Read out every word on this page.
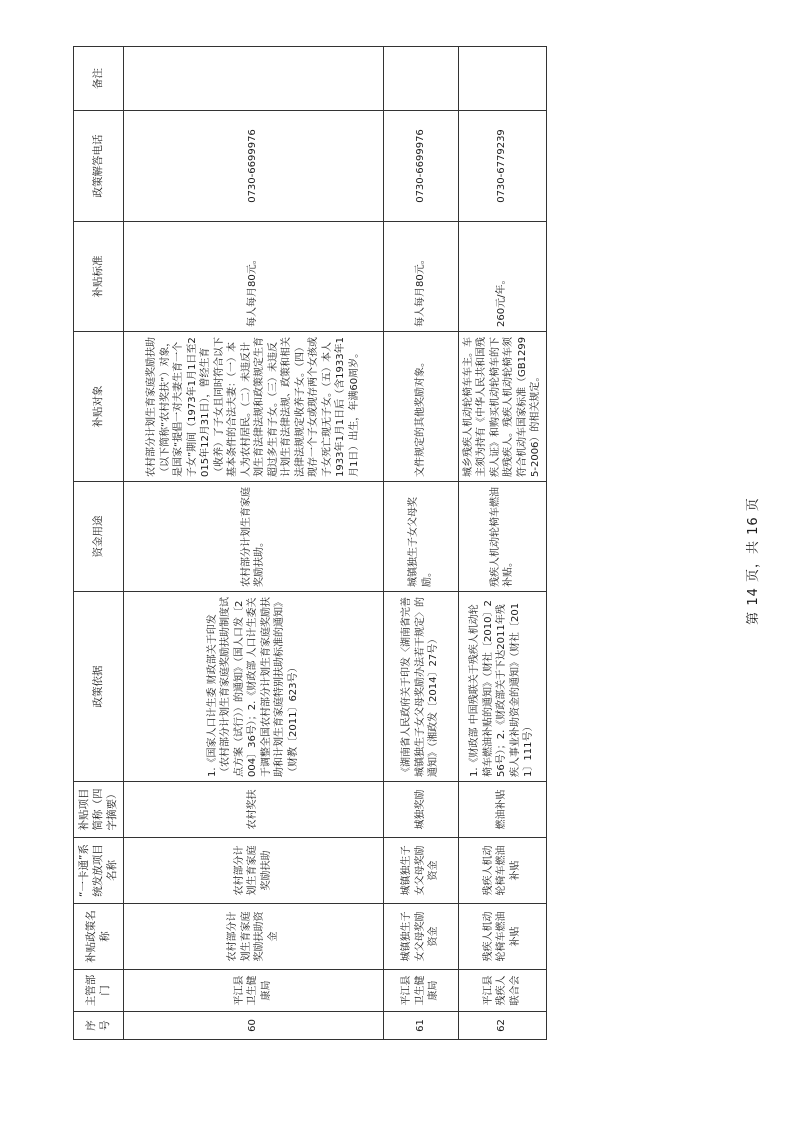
序号	主管部门	补贴政策名称	“一卡通”系统发放项目名称	补贴项目简称（四字摘要）	政策依据	资金用途	补贴对象	补贴标准	政策解答电话	备注
60	平江县卫生健康局	农村部分计划生育家庭奖励扶助资金	农村部分计划生育家庭奖励扶助	农村奖扶	1.《国家人口计生委 财政部关于印发（农村部分计划生育家庭奖励扶助制度试点方案（试行））的通知》（国人口发〔2004〕36号）；2.《财政部 人口计生委关于调整全国农村部分计划生育家庭奖励扶助和计划生育家庭特别扶助标准的通知》（财教〔2011〕623号）	农村部分计划生育家庭奖励扶助。	农村部分计划生育家庭奖励扶助（以下简称“农村奖扶”）对象，是国家“提倡一对夫妻生育一个子女”期间（1973年1月1日至2015年12月31日），曾经生育（收养）了子女且同时符合以下基本条件的合法夫妻：（一）本人为农村居民。（二）未违反计划生育法律法规和政策规定生育超过多生育子女。（三）未违反计划生育法律法规、政策和相关法律法规规定收养子女。（四）现存一个子女或现存两个女孩或子女死亡现无子女。（五）本人1933年1月1日后（含1933年1月1日）出生，年满60周岁。	每人每月80元。	0730-6699976	
61	平江县卫生健康局	城镇独生子女父母奖励资金	城镇独生子女父母奖励资金	城独奖励	《湖南省人民政府关于印发〈湖南省完善城镇独生子女父母奖励办法若干规定〉的通知》（湘政发〔2014〕27号）	城镇独生子女父母奖励。	文件规定的其他奖励对象。	每人每月80元。	0730-6699976	
62	平江县残疾人联合会	残疾人机动轮椅车燃油补贴	残疾人机动轮椅车燃油补贴	燃油补贴	1.《财政部 中国残联关于残疾人机动轮椅车燃油补贴的通知》（财社〔2010〕256号）；2.《财政部关于下达2011年残疾人事业补助资金的通知》（财社〔2011〕111号）	残疾人机动轮椅车燃油补贴。	城乡残疾人机动轮椅车车主。车主须为持有《中华人民共和国残疾人证》和购买机动轮椅车的下肢残疾人。残疾人机动轮椅车须符合机动车国家标准（GB12995-2006）的相关规定。	260元/年。	0730-6779239	
第 14 页，共 16 页
